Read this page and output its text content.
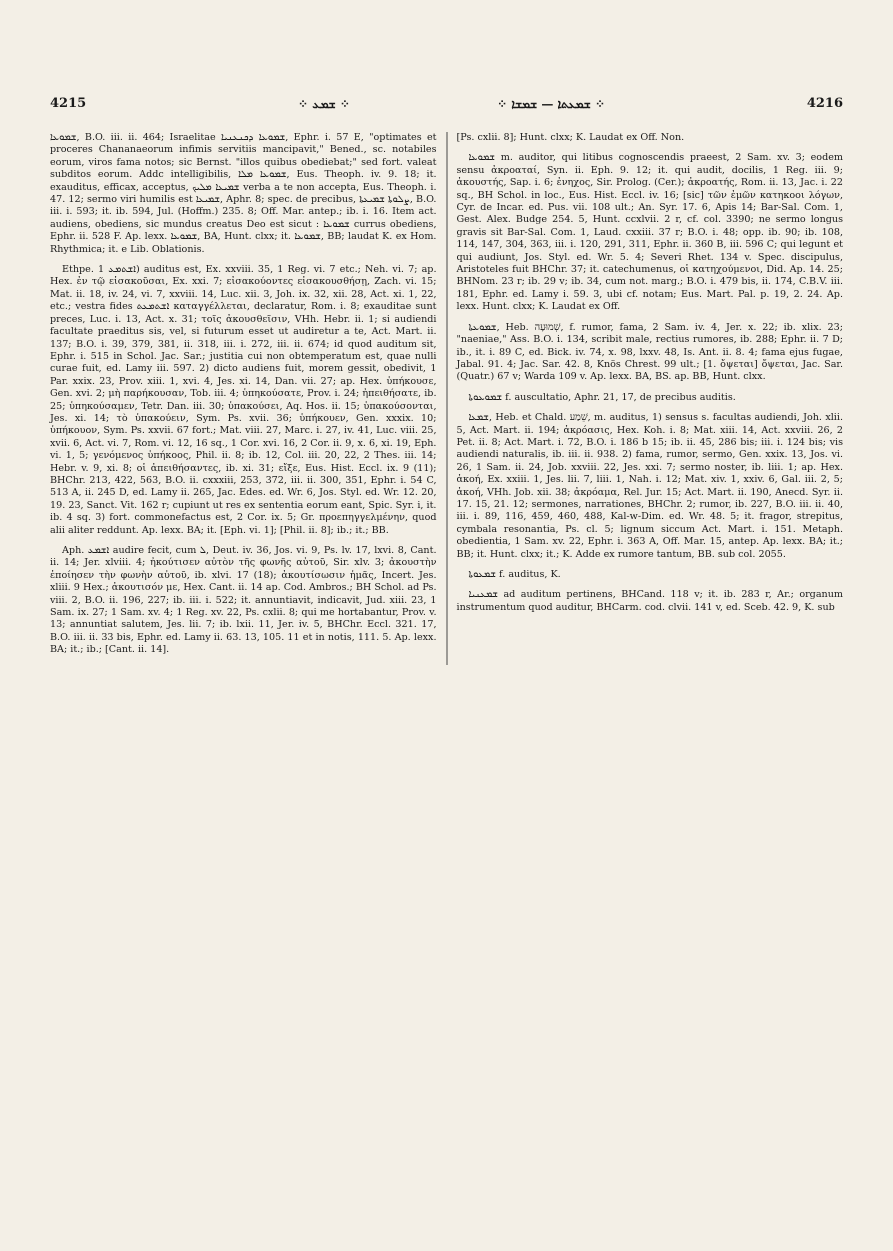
4215	⁘ ܫܡܥ ⁘	⁘ ܫܡܥܬܐ — ܫܡܫܐ ⁘	4216

ܫܡܘܥܐ, B.O. iii. ii. 464; Israelitae ܫܡܘܥܐ ܕܟܢܥܢܝܐ, Ephr. i. 57 E, "optimates et proceres Chananaeorum infimis servitiis mancipavit," Bened., sc. notabiles eorum, viros fama notos; sic Bernst. "illos quibus obediebat;" sed fort. valeat subditos eorum. Addc intelligibilis, ܫܡܘܥܐ ܡܠܐ, Eus. Theoph. iv. 9. 18; it. exauditus, efficax, acceptus, ܫܡܝܥܐ ܡܠܝܟ verba a te non accepta, Eus. Theoph. i. 47. 12; sermo viri humilis est ܫܡܝܥܐ, Aphr. 8; spec. de precibus, ܨܠܘܬܐ ܫܡܝܥܬܐ, B.O. iii. i. 593; it. ib. 594, Jul. (Hoffm.) 235. 8; Off. Mar. antep.; ib. i. 16. Item act. audiens, obediens, sic mundus creatus Deo est sicut : ܫܡܘܥܐ currus obediens, Ephr. ii. 528 F. Ap. lexx. ܫܡܘܥܐ, BA, Hunt. clxx; it. ܫܡܘܥܐ, BB; laudat K. ex Hom. Rhythmica; it. e Lib. Oblationis.

Ethpe. ܐܫܬܡܥ 1) auditus est, Ex. xxviii. 35, 1 Reg. vi. 7 etc.; Neh. vi. 7; ap. Hex. ἐν τῷ εἰσακοῦσαι, Ex. xxi. 7; εἰσακούοντες εἰσακουσθήσῃ, Zach. vi. 15; Mat. ii. 18, iv. 24, vi. 7, xxviii. 14, Luc. xii. 3, Joh. ix. 32, xii. 28, Act. xi. 1, 22, etc.; vestra fides ܐܫܬܡܥܬ καταγγέλλεται, declaratur, Rom. i. 8; exauditae sunt preces, Luc. i. 13, Act. x. 31; τοῖς ἀκουσθεῖσιν, VHh. Hebr. ii. 1; si audiendi facultate praeditus sis, vel, si futurum esset ut audiretur a te, Act. Mart. ii. 137; B.O. i. 39, 379, 381, ii. 318, iii. i. 272, iii. ii. 674; id quod auditum sit, Ephr. i. 515 in Schol. Jac. Sar.; justitia cui non obtemperatum est, quae nulli curae fuit, ed. Lamy iii. 597. 2) dicto audiens fuit, morem gessit, obedivit, 1 Par. xxix. 23, Prov. xiii. 1, xvi. 4, Jes. xi. 14, Dan. vii. 27; ap. Hex. ὑπήκουσε, Gen. xvi. 2; μὴ παρήκουσαν, Tob. iii. 4; ὑπηκούσατε, Prov. i. 24; ἠπειθήσατε, ib. 25; ὑπηκούσαμεν, Tetr. Dan. iii. 30; ὑπακούσει, Aq. Hos. ii. 15; ὑπακούσονται, Jes. xi. 14; τὸ ὑπακούειν, Sym. Ps. xvii. 36; ὑπήκουεν, Gen. xxxix. 10; ὑπήκουον, Sym. Ps. xxvii. 67 fort.; Mat. viii. 27, Marc. i. 27, iv. 41, Luc. viii. 25, xvii. 6, Act. vi. 7, Rom. vi. 12, 16 sq., 1 Cor. xvi. 16, 2 Cor. ii. 9, x. 6, xi. 19, Eph. vi. 1, 5; γενόμενος ὑπήκοος, Phil. ii. 8; ib. 12, Col. iii. 20, 22, 2 Thes. iii. 14; Hebr. v. 9, xi. 8; οἱ ἀπειθήσαντες, ib. xi. 31; εἴξε, Eus. Hist. Eccl. ix. 9 (11); BHChr. 213, 422, 563, B.O. ii. cxxxiii, 253, 372, iii. ii. 300, 351, Ephr. i. 54 C, 513 A, ii. 245 D, ed. Lamy ii. 265, Jac. Edes. ed. Wr. 6, Jos. Styl. ed. Wr. 12. 20, 19. 23, Sanct. Vit. 162 r; cupiunt ut res ex sententia eorum eant, Spic. Syr. i, it. ib. 4 sq. 3) fort. commonefactus est, 2 Cor. ix. 5; Gr. προεπηγγελμένην, quod alii aliter reddunt. Ap. lexx. BA; it. [Eph. vi. 1]; [Phil. ii. 8]; ib.; it.; BB.

Aph. ܐܫܡܥ audire fecit, cum ܠ, Deut. iv. 36, Jos. vi. 9, Ps. lv. 17, lxvi. 8, Cant. ii. 14; Jer. xlviii. 4; ἠκούτισεν αὐτὸν τῆς φωνῆς αὐτοῦ, Sir. xlv. 3; ἀκουστὴν ἐποίησεν τὴν φωνὴν αὐτοῦ, ib. xlvi. 17 (18); ἀκουτίσωσιν ἡμᾶς, Incert. Jes. xliii. 9 Hex.; ἀκουτισόν με, Hex. Cant. ii. 14 ap. Cod. Ambros.; BH Schol. ad Ps. viii. 2, B.O. ii. 196, 227; ib. iii. i. 522; it. annuntiavit, indicavit, Jud. xiii. 23, 1 Sam. ix. 27; 1 Sam. xv. 4; 1 Reg. xv. 22, Ps. cxlii. 8; qui me hortabantur, Prov. v. 13; annuntiat salutem, Jes. lii. 7; ib. lxii. 11, Jer. iv. 5, BHChr. Eccl. 321. 17, B.O. iii. ii. 33 bis, Ephr. ed. Lamy ii. 63. 13, 105. 11 et in notis, 111. 5. Ap. lexx. BA; it.; ib.; [Cant. ii. 14].

[Ps. cxlii. 8]; Hunt. clxx; K. Laudat ex Off. Non.

ܫܡܘܥܐ m. auditor, qui litibus cognoscendis praeest, 2 Sam. xv. 3; eodem sensu ἀκροαταί, Syn. ii. Eph. 9. 12; it. qui audit, docilis, 1 Reg. iii. 9; ἀκουστής, Sap. i. 6; ἐνηχος, Sir. Prolog. (Cer.); ἀκροατής, Rom. ii. 13, Jac. i. 22 sq., BH Schol. in loc., Eus. Hist. Eccl. iv. 16; [sic] τῶν ἐμῶν κατηκοοι λόγων, Cyr. de Incar. ed. Pus. vii. 108 ult.; An. Syr. 17. 6, Apis 14; Bar-Sal. Com. 1, Gest. Alex. Budge 254. 5, Hunt. ccxlvii. 2 r, cf. col. 3390; ne sermo longus gravis sit Bar-Sal. Com. 1, Laud. cxxiii. 37 r; B.O. i. 48; opp. ib. 90; ib. 108, 114, 147, 304, 363, iii. i. 120, 291, 311, Ephr. ii. 360 B, iii. 596 C; qui legunt et qui audiunt, Jos. Styl. ed. Wr. 5. 4; Severi Rhet. 134 v. Spec. discipulus, Aristoteles fuit BHChr. 37; it. catechumenus, οἱ κατηχούμενοι, Did. Ap. 14. 25; BHNom. 23 r; ib. 29 v; ib. 34, cum not. marg.; B.O. i. 479 bis, ii. 174, C.B.V. iii. 181, Ephr. ed. Lamy i. 59. 3, ubi cf. notam; Eus. Mart. Pal. p. 19, 2. 24. Ap. lexx. Hunt. clxx; K. Laudat ex Off.

ܫܡܘܥܬܐ, Heb. שְׁמוּעָה, f. rumor, fama, 2 Sam. iv. 4, Jer. x. 22; ib. xlix. 23; "naeniae," Ass. B.O. i. 134, scribit male, rectius rumores, ib. 288; Ephr. ii. 7 D; ib., it. i. 89 C, ed. Bick. iv. 74, x. 98, lxxv. 48, Is. Ant. ii. 8. 4; fama ejus fugae, Jabal. 91. 4; Jac. Sar. 42. 8, Knös Chrest. 99 ult.; [1. ὄψεται] ὄψεται, Jac. Sar. (Quatr.) 67 v; Warda 109 v. Ap. lexx. BA, BS. ap. BB, Hunt. clxx.

ܫܡܘܥܘܬܐ f. auscultatio, Aphr. 21, 17, de precibus auditis.

ܫܡܥܐ, Heb. et Chald. שֵׁמַע, m. auditus, 1) sensus s. facultas audiendi, Joh. xlii. 5, Act. Mart. ii. 194; ἀκρόασις, Hex. Koh. i. 8; Mat. xiii. 14, Act. xxviii. 26, 2 Pet. ii. 8; Act. Mart. i. 72, B.O. i. 186 b 15; ib. ii. 45, 286 bis; iii. i. 124 bis; vis audiendi naturalis, ib. iii. ii. 938. 2) fama, rumor, sermo, Gen. xxix. 13, Jos. vi. 26, 1 Sam. ii. 24, Job. xxviii. 22, Jes. xxi. 7; sermo noster, ib. liii. 1; ap. Hex. ἀκοή, Ex. xxiii. 1, Jes. lii. 7, liii. 1, Nah. i. 12; Mat. xiv. 1, xxiv. 6, Gal. iii. 2, 5; ἀκοή, VHh. Job. xii. 38; ἀκρόαμα, Rel. Jur. 15; Act. Mart. ii. 190, Anecd. Syr. ii. 17. 15, 21. 12; sermones, narrationes, BHChr. 2; rumor, ib. 227, B.O. iii. ii. 40, iii. i. 89, 116, 459, 460, 488, Kal-w-Dim. ed. Wr. 48. 5; it. fragor, strepitus, cymbala resonantia, Ps. cl. 5; lignum siccum Act. Mart. i. 151. Metaph. obedientia, 1 Sam. xv. 22, Ephr. i. 363 A, Off. Mar. 15, antep. Ap. lexx. BA; it.; BB; it. Hunt. clxx; it.; K. Adde ex rumore tantum, BB. sub col. 2055.

ܫܡܥܘܬܐ f. auditus, K.

ܫܡܥܢܝܐ ad auditum pertinens, BHCand. 118 v; it. ib. 283 r, Ar.; organum instrumentum quod auditur, BHCarm. cod. clvii. 141 v, ed. Sceb. 42. 9, K. sub
